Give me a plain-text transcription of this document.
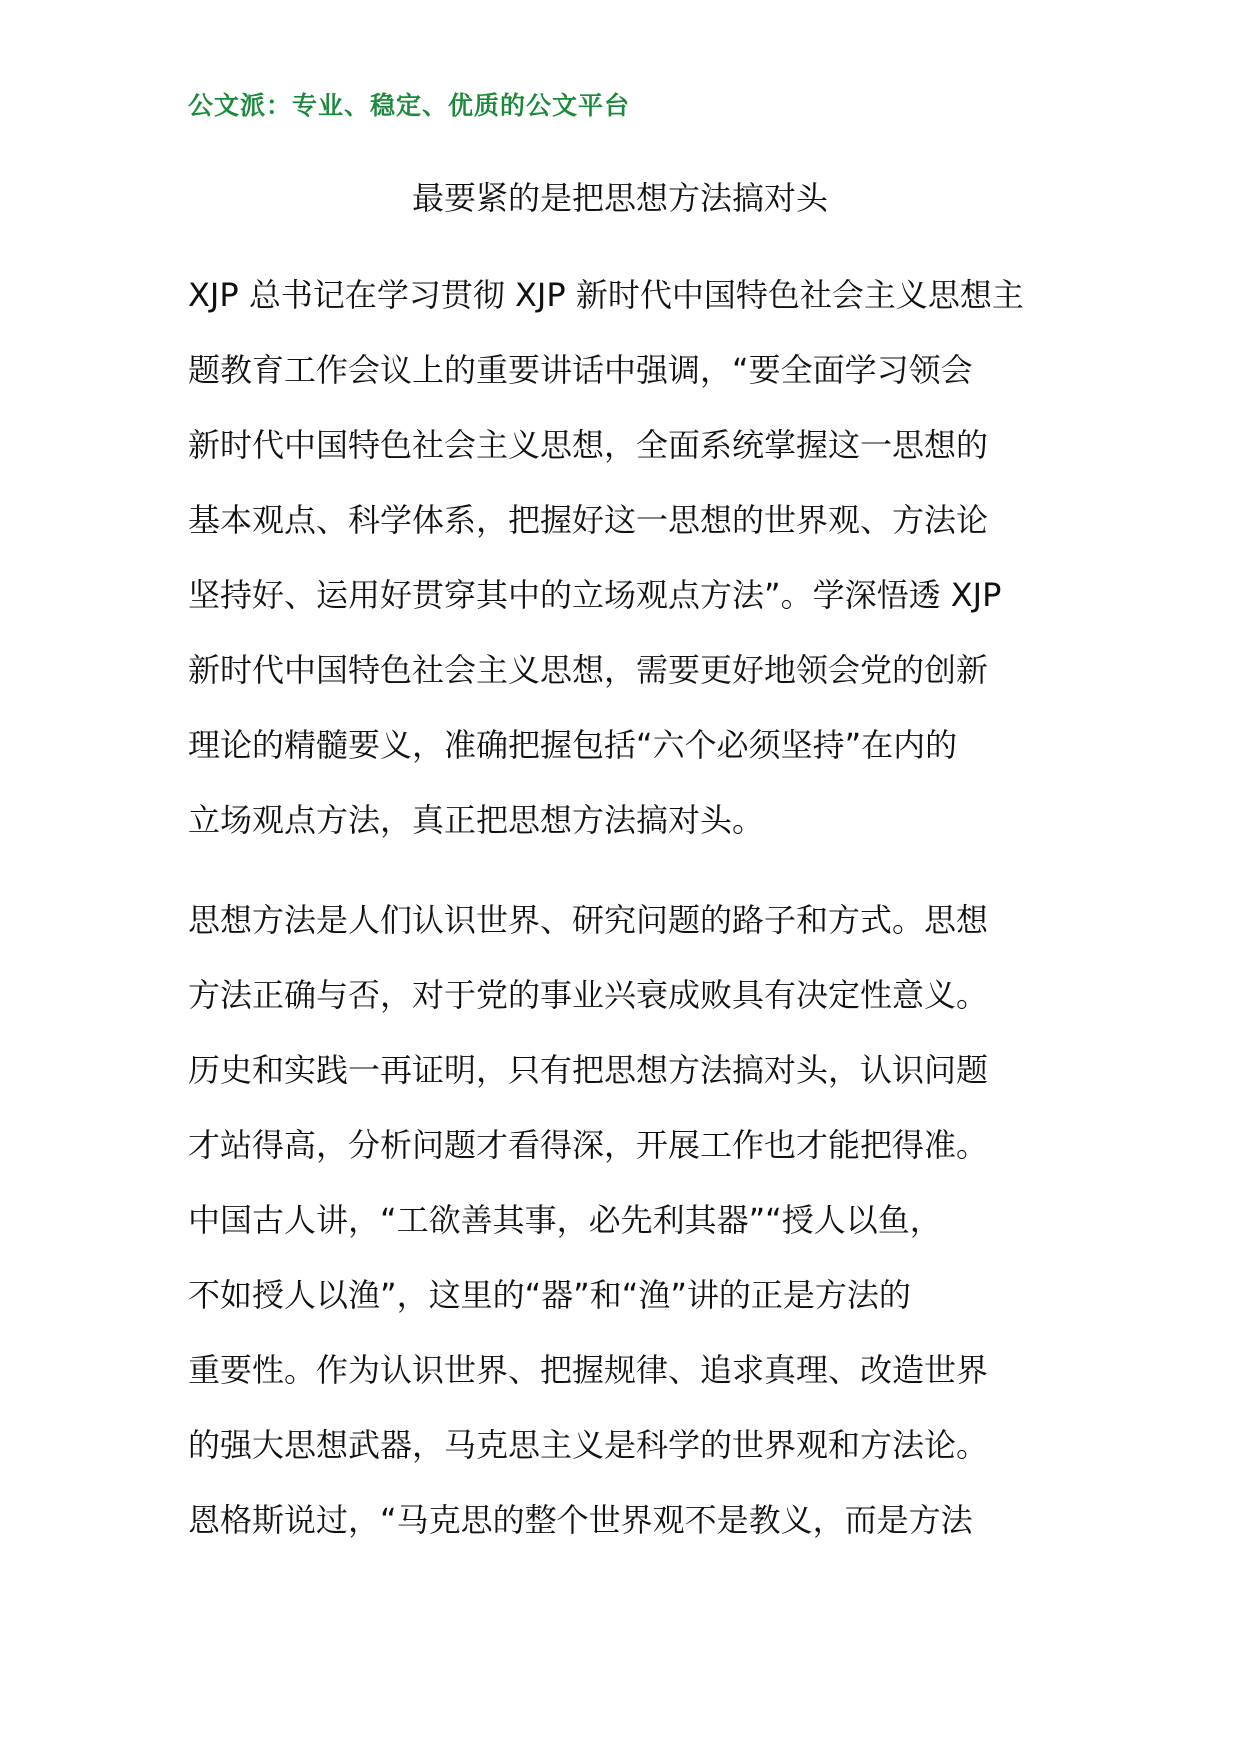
公文派：专业、稳定、优质的公文平台
最要紧的是把思想方法搞对头

XJP 总书记在学习贯彻 XJP 新时代中国特色社会主义思想主
题教育工作会议上的重要讲话中强调，“要全面学习领会
新时代中国特色社会主义思想，全面系统掌握这一思想的
基本观点、科学体系，把握好这一思想的世界观、方法论
坚持好、运用好贯穿其中的立场观点方法”。学深悟透 XJP
新时代中国特色社会主义思想，需要更好地领会党的创新
理论的精髓要义，准确把握包括“六个必须坚持”在内的
立场观点方法，真正把思想方法搞对头。

思想方法是人们认识世界、研究问题的路子和方式。思想
方法正确与否，对于党的事业兴衰成败具有决定性意义。
历史和实践一再证明，只有把思想方法搞对头，认识问题
才站得高，分析问题才看得深，开展工作也才能把得准。
中国古人讲，“工欲善其事，必先利其器”“授人以鱼，
不如授人以渔”，这里的“器”和“渔”讲的正是方法的
重要性。作为认识世界、把握规律、追求真理、改造世界
的强大思想武器，马克思主义是科学的世界观和方法论。
恩格斯说过，“马克思的整个世界观不是教义，而是方法
